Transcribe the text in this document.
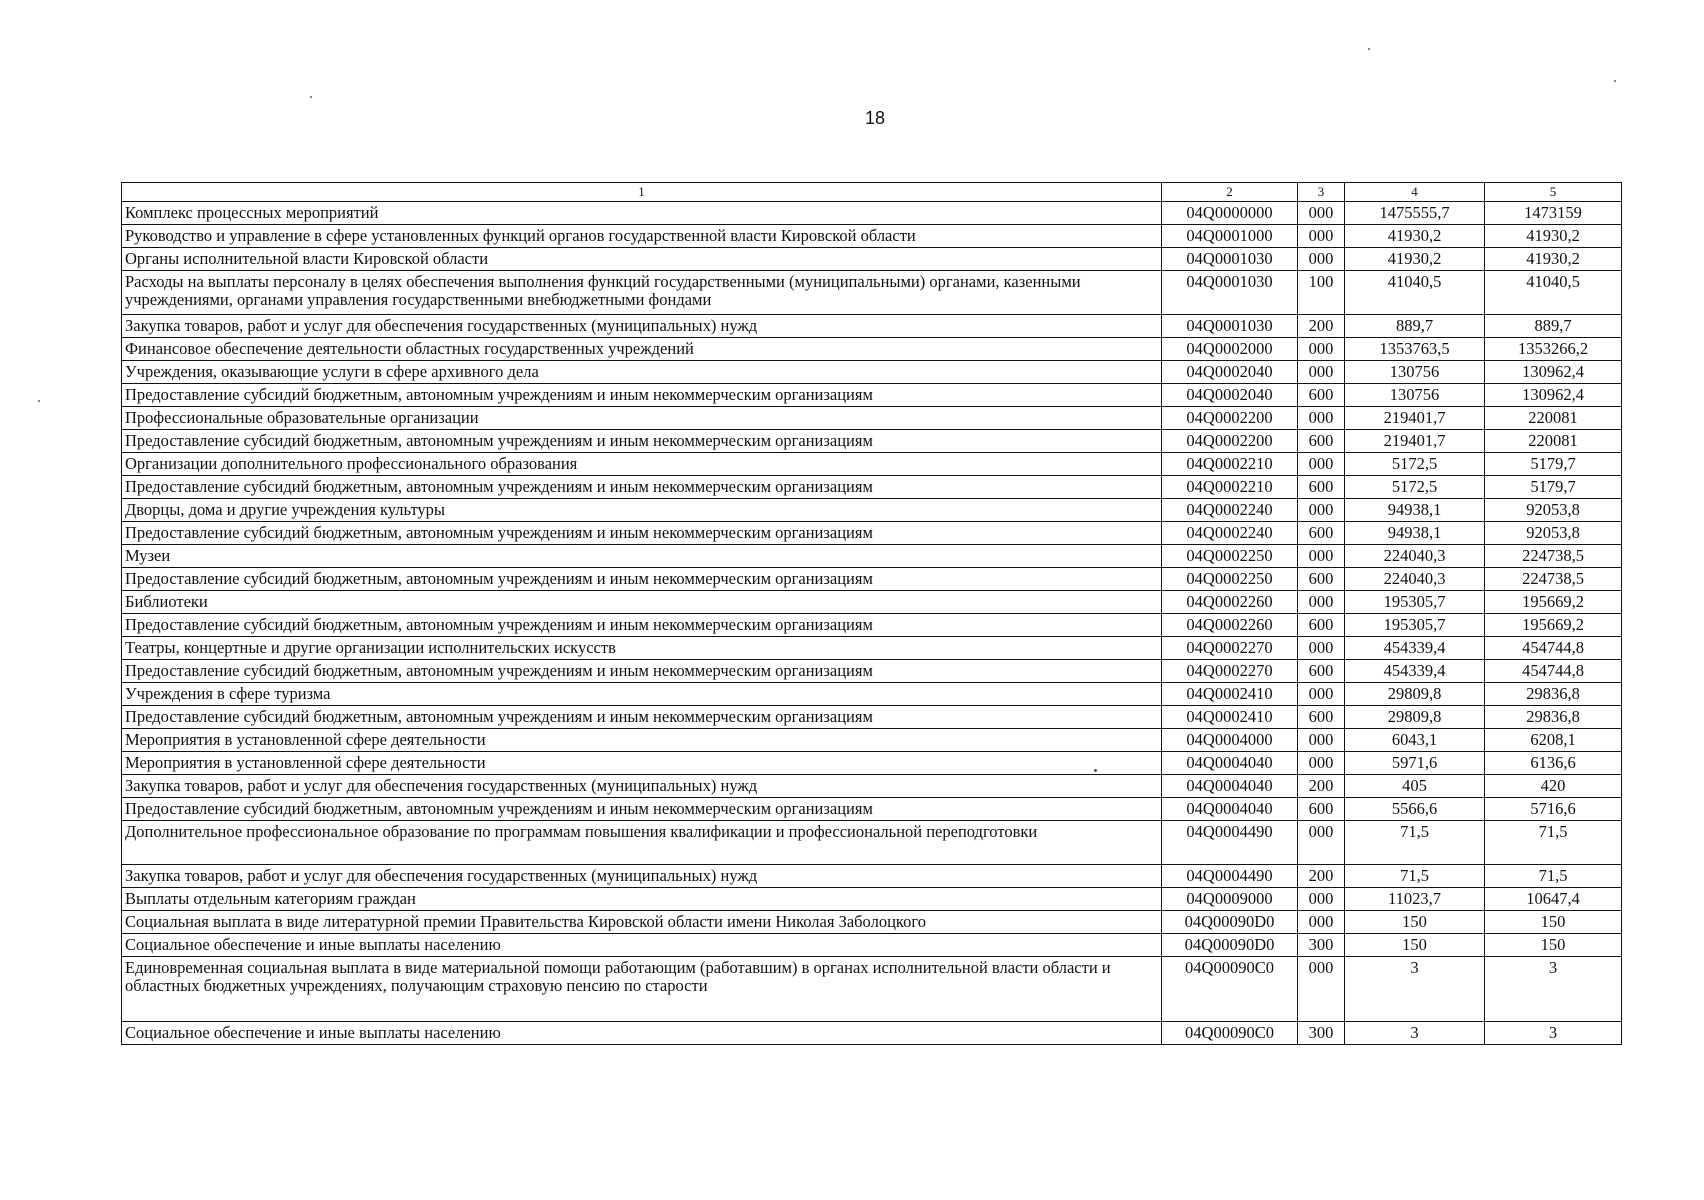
18
1	2	3	4	5
Комплекс процессных мероприятий	04Q0000000	000	1475555,7	1473159
Руководство и управление в сфере установленных функций органов государственной власти Кировской области	04Q0001000	000	41930,2	41930,2
Органы исполнительной власти Кировской области	04Q0001030	000	41930,2	41930,2
Расходы на выплаты персоналу в целях обеспечения выполнения функций государственными (муниципальными) органами, казенными учреждениями, органами управления государственными внебюджетными фондами	04Q0001030	100	41040,5	41040,5
Закупка товаров, работ и услуг для обеспечения государственных (муниципальных) нужд	04Q0001030	200	889,7	889,7
Финансовое обеспечение деятельности областных государственных учреждений	04Q0002000	000	1353763,5	1353266,2
Учреждения, оказывающие услуги в сфере архивного дела	04Q0002040	000	130756	130962,4
Предоставление субсидий бюджетным, автономным учреждениям и иным некоммерческим организациям	04Q0002040	600	130756	130962,4
Профессиональные образовательные организации	04Q0002200	000	219401,7	220081
Предоставление субсидий бюджетным, автономным учреждениям и иным некоммерческим организациям	04Q0002200	600	219401,7	220081
Организации дополнительного профессионального образования	04Q0002210	000	5172,5	5179,7
Предоставление субсидий бюджетным, автономным учреждениям и иным некоммерческим организациям	04Q0002210	600	5172,5	5179,7
Дворцы, дома и другие учреждения культуры	04Q0002240	000	94938,1	92053,8
Предоставление субсидий бюджетным, автономным учреждениям и иным некоммерческим организациям	04Q0002240	600	94938,1	92053,8
Музеи	04Q0002250	000	224040,3	224738,5
Предоставление субсидий бюджетным, автономным учреждениям и иным некоммерческим организациям	04Q0002250	600	224040,3	224738,5
Библиотеки	04Q0002260	000	195305,7	195669,2
Предоставление субсидий бюджетным, автономным учреждениям и иным некоммерческим организациям	04Q0002260	600	195305,7	195669,2
Театры, концертные и другие организации исполнительских искусств	04Q0002270	000	454339,4	454744,8
Предоставление субсидий бюджетным, автономным учреждениям и иным некоммерческим организациям	04Q0002270	600	454339,4	454744,8
Учреждения в сфере туризма	04Q0002410	000	29809,8	29836,8
Предоставление субсидий бюджетным, автономным учреждениям и иным некоммерческим организациям	04Q0002410	600	29809,8	29836,8
Мероприятия в установленной сфере деятельности	04Q0004000	000	6043,1	6208,1
Мероприятия в установленной сфере деятельности	04Q0004040	000	5971,6	6136,6
Закупка товаров, работ и услуг для обеспечения государственных (муниципальных) нужд	04Q0004040	200	405	420
Предоставление субсидий бюджетным, автономным учреждениям и иным некоммерческим организациям	04Q0004040	600	5566,6	5716,6
Дополнительное профессиональное образование по программам повышения квалификации и профессиональной переподготовки	04Q0004490	000	71,5	71,5
Закупка товаров, работ и услуг для обеспечения государственных (муниципальных) нужд	04Q0004490	200	71,5	71,5
Выплаты отдельным категориям граждан	04Q0009000	000	11023,7	10647,4
Социальная выплата в виде литературной премии Правительства Кировской области имени Николая Заболоцкого	04Q00090D0	000	150	150
Социальное обеспечение и иные выплаты населению	04Q00090D0	300	150	150
Единовременная социальная выплата в виде материальной помощи работающим (работавшим) в органах исполнительной власти области и областных бюджетных учреждениях, получающим страховую пенсию по старости	04Q00090C0	000	3	3
Социальное обеспечение и иные выплаты населению	04Q00090C0	300	3	3
